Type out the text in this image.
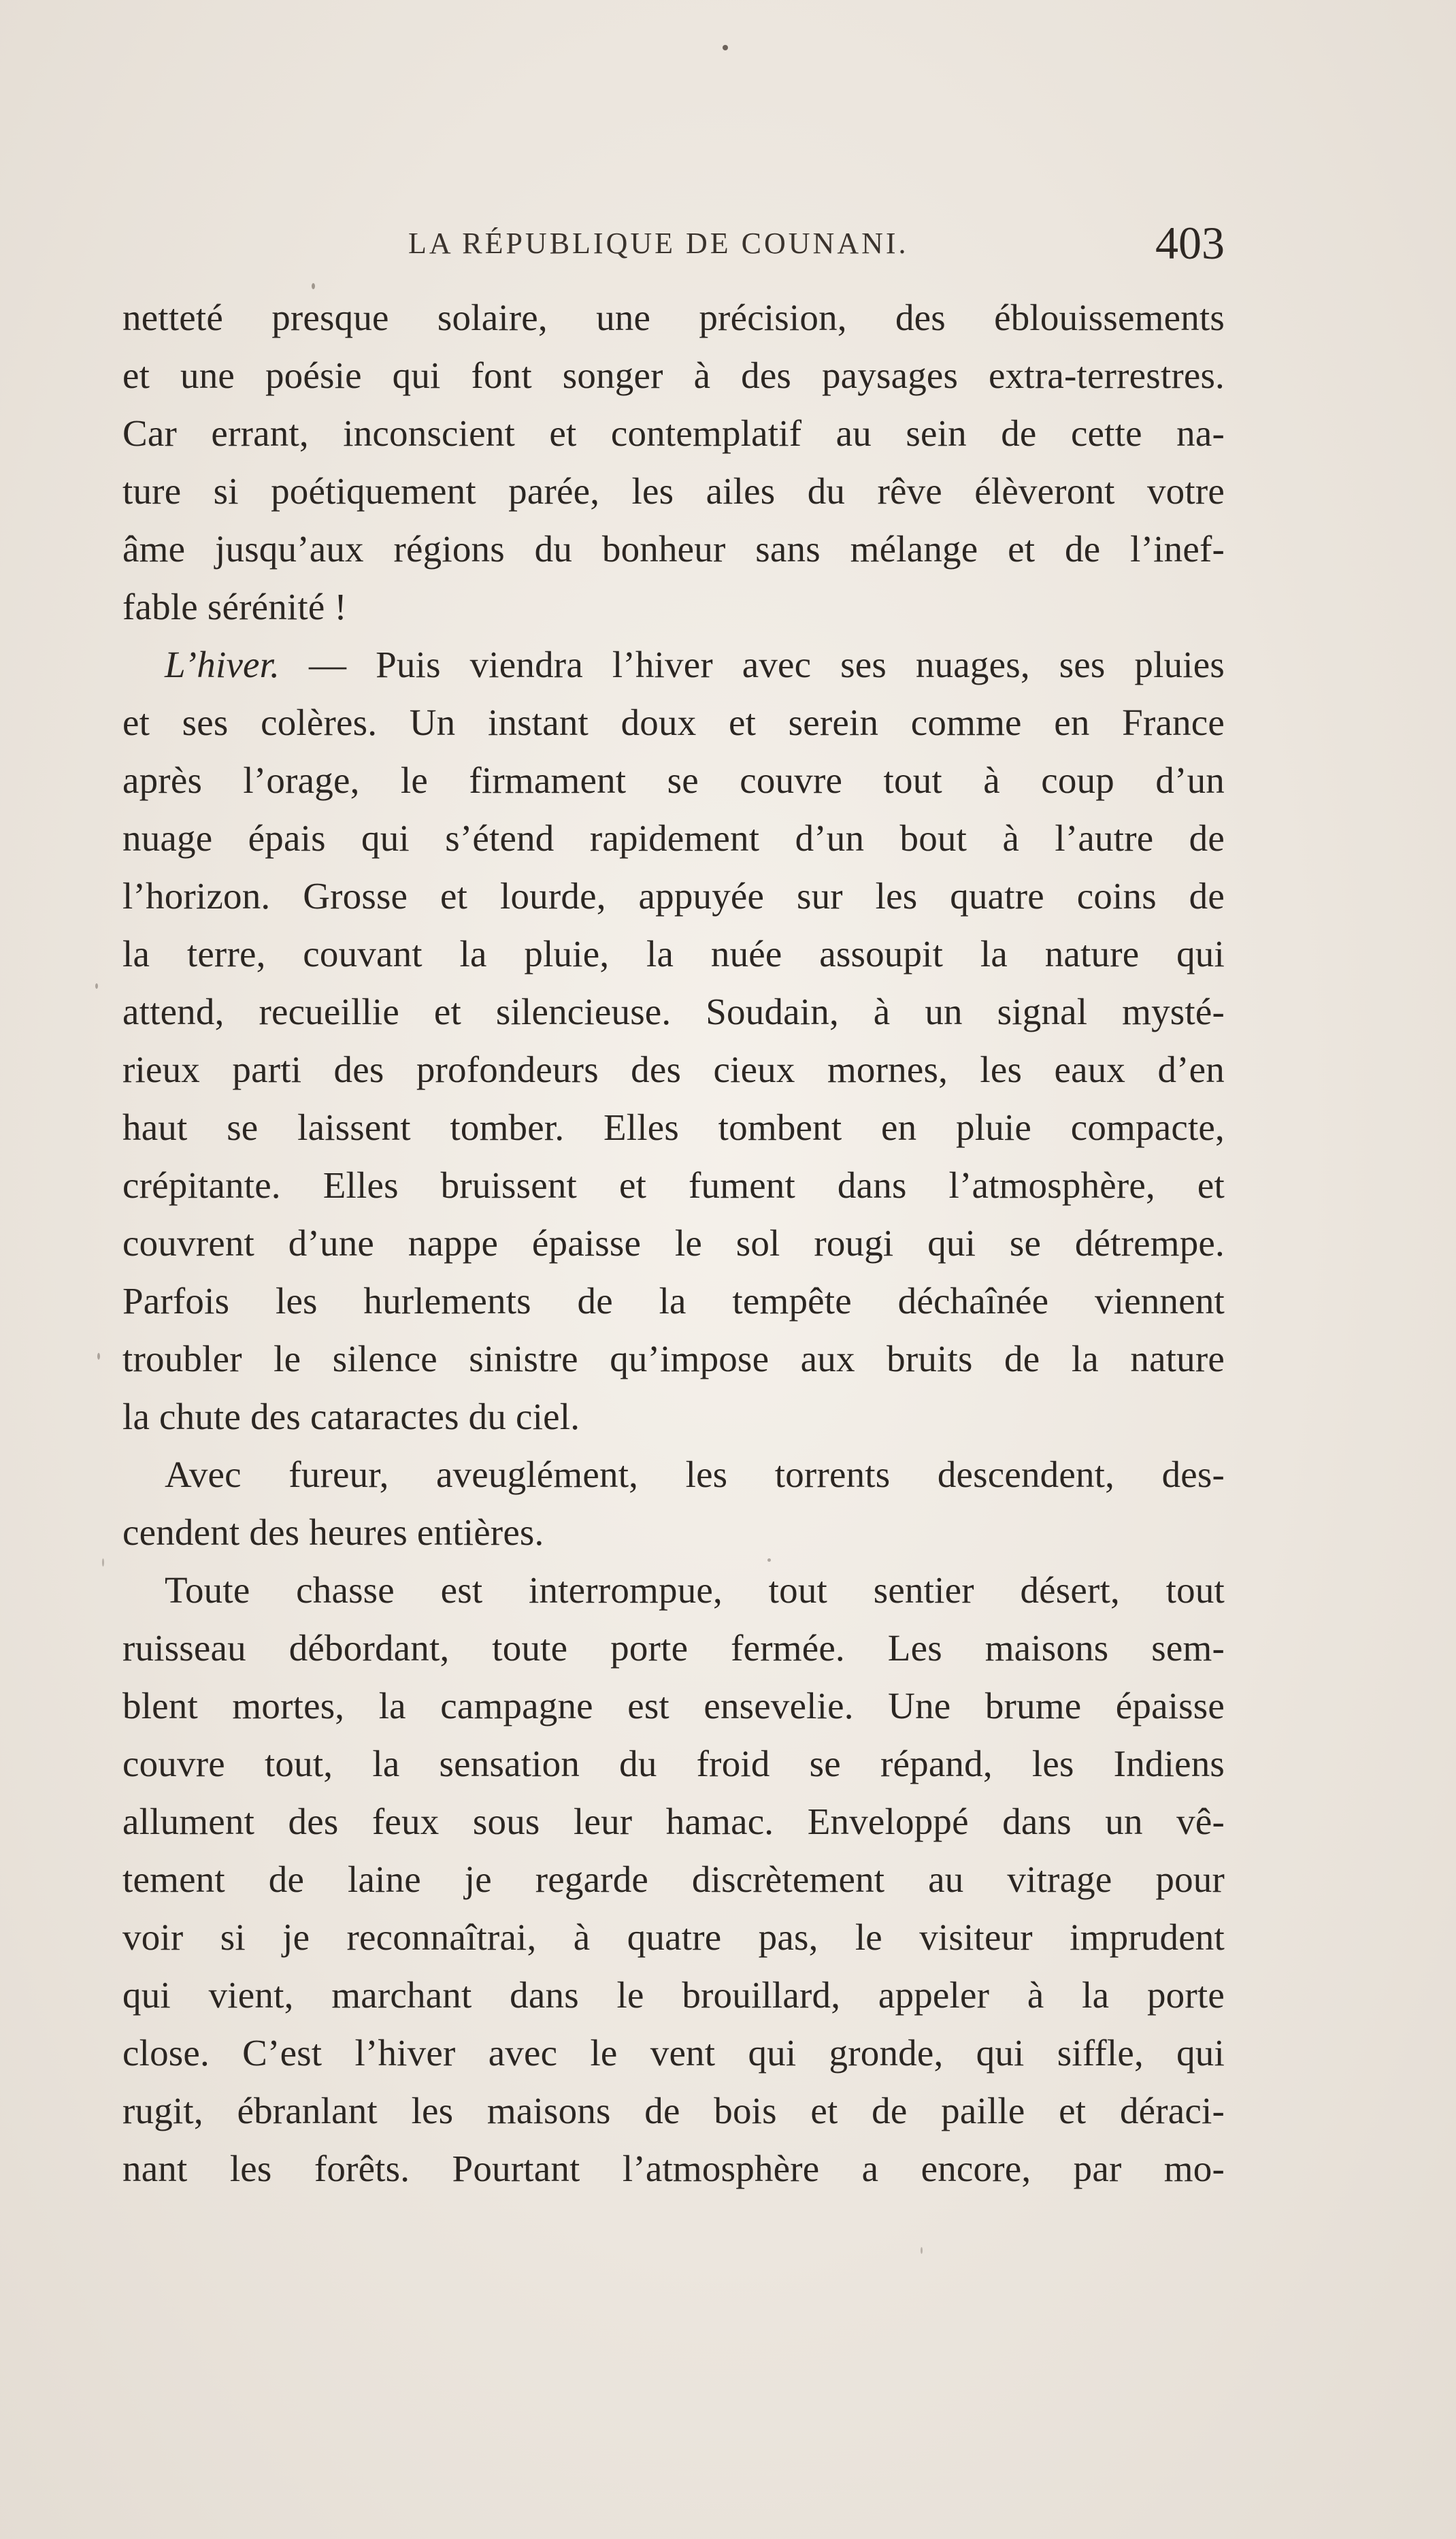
LA RÉPUBLIQUE DE COUNANI.	403
netteté presque solaire, une précision, des éblouissements
et une poésie qui font songer à des paysages extra-terrestres.
Car errant, inconscient et contemplatif au sein de cette na-
ture si poétiquement parée, les ailes du rêve élèveront votre
âme jusqu’aux régions du bonheur sans mélange et de l’inef-
fable sérénité !
L’hiver. — Puis viendra l’hiver avec ses nuages, ses pluies
et ses colères. Un instant doux et serein comme en France
après l’orage, le firmament se couvre tout à coup d’un
nuage épais qui s’étend rapidement d’un bout à l’autre de
l’horizon. Grosse et lourde, appuyée sur les quatre coins de
la terre, couvant la pluie, la nuée assoupit la nature qui
attend, recueillie et silencieuse. Soudain, à un signal mysté-
rieux parti des profondeurs des cieux mornes, les eaux d’en
haut se laissent tomber. Elles tombent en pluie compacte,
crépitante. Elles bruissent et fument dans l’atmosphère, et
couvrent d’une nappe épaisse le sol rougi qui se détrempe.
Parfois les hurlements de la tempête déchaînée viennent
troubler le silence sinistre qu’impose aux bruits de la nature
la chute des cataractes du ciel.
Avec fureur, aveuglément, les torrents descendent, des-
cendent des heures entières.
Toute chasse est interrompue, tout sentier désert, tout
ruisseau débordant, toute porte fermée. Les maisons sem-
blent mortes, la campagne est ensevelie. Une brume épaisse
couvre tout, la sensation du froid se répand, les Indiens
allument des feux sous leur hamac. Enveloppé dans un vê-
tement de laine je regarde discrètement au vitrage pour
voir si je reconnaîtrai, à quatre pas, le visiteur imprudent
qui vient, marchant dans le brouillard, appeler à la porte
close. C’est l’hiver avec le vent qui gronde, qui siffle, qui
rugit, ébranlant les maisons de bois et de paille et déraci-
nant les forêts. Pourtant l’atmosphère a encore, par mo-
